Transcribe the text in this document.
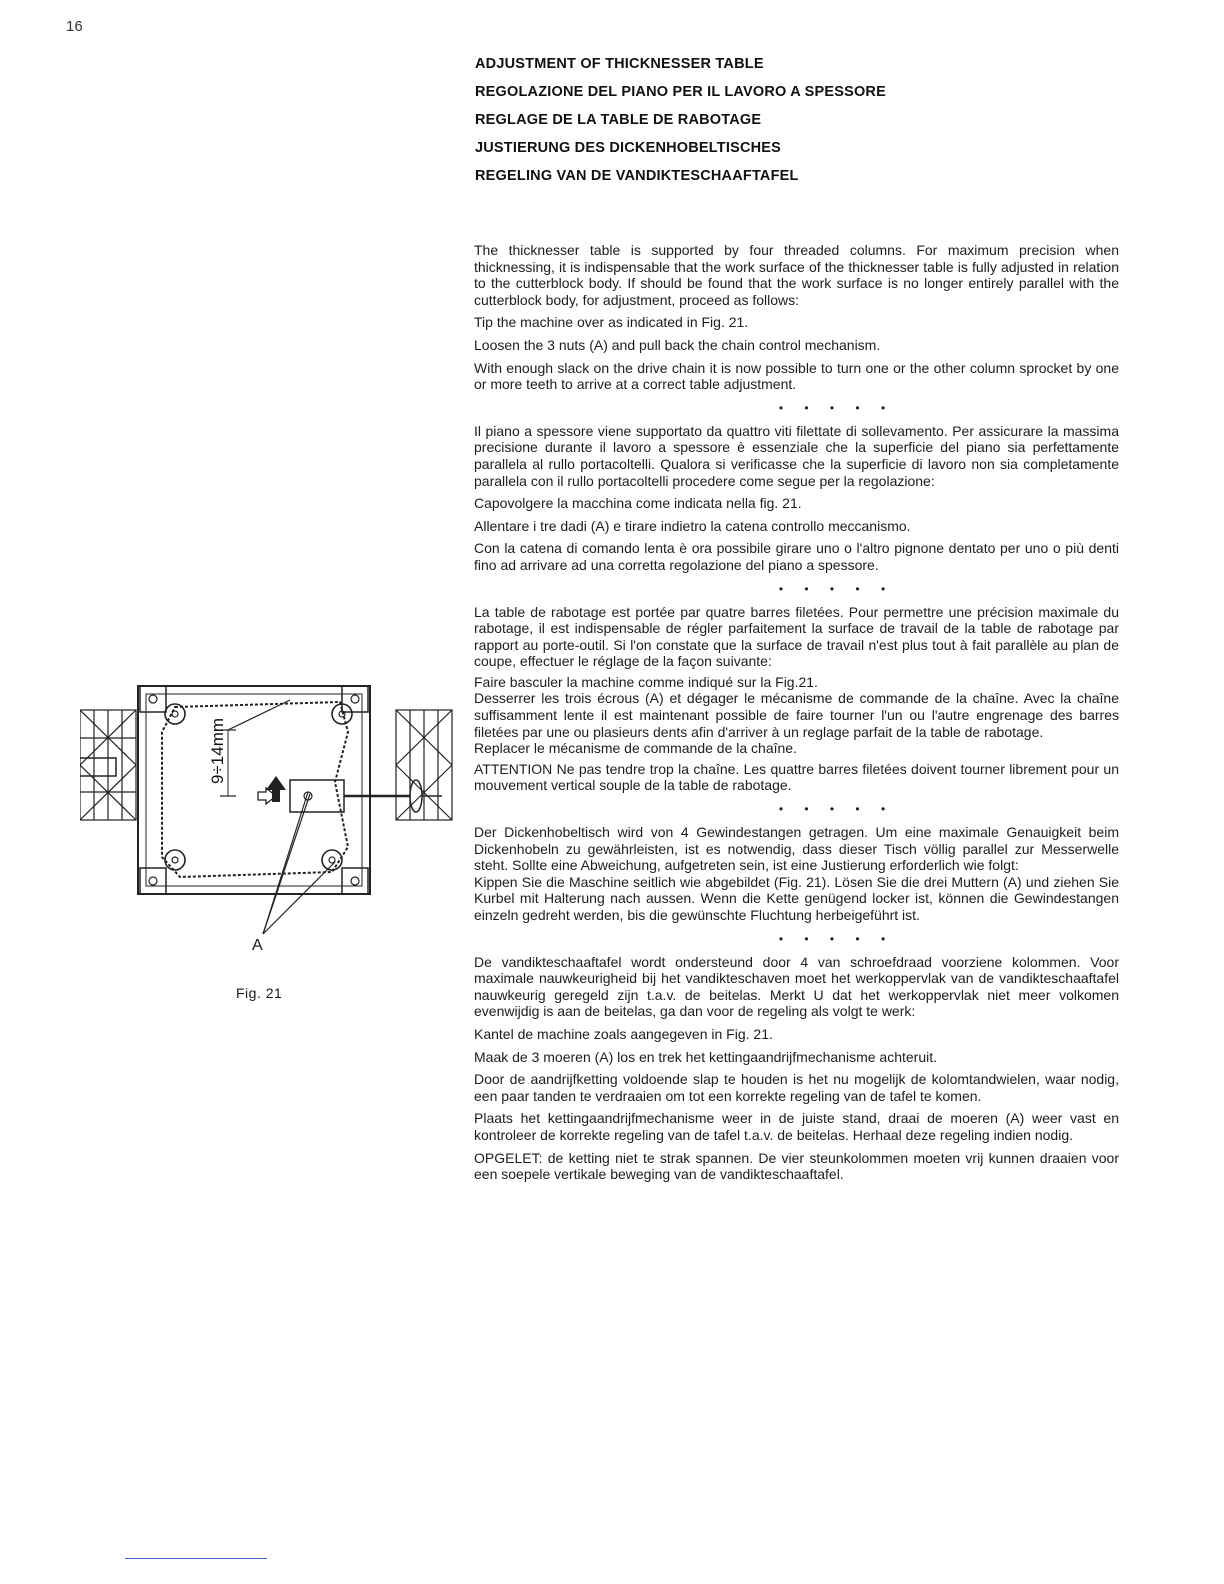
16
ADJUSTMENT OF THICKNESSER TABLE
REGOLAZIONE DEL PIANO PER IL LAVORO A SPESSORE
REGLAGE DE LA TABLE DE RABOTAGE
JUSTIERUNG DES DICKENHOBELTISCHES
REGELING VAN DE VANDIKTESCHAAFTAFEL

The thicknesser table is supported by four threaded columns. For maximum precision when thicknessing, it is indispensable that the work surface of the thicknesser table is fully adjusted in relation to the cutterblock body. If should be found that the work surface is no longer entirely parallel with the cutterblock body, for adjustment, proceed as follows:

Tip the machine over as indicated in Fig. 21.

Loosen the 3 nuts (A) and pull back the chain control mechanism.

With enough slack on the drive chain it is now possible to turn one or the other column sprocket by one or more teeth to arrive at a correct table adjustment.

• • • • •

Il piano a spessore viene supportato da quattro viti filettate di sollevamento. Per assicurare la massima precisione durante il lavoro a spessore è essenziale che la superficie del piano sia perfettamente parallela al rullo portacoltelli. Qualora si verificasse che la superficie di lavoro non sia completamente parallela con il rullo portacoltelli procedere come segue per la regolazione:

Capovolgere la macchina come indicata nella fig. 21.

Allentare i tre dadi (A) e tirare indietro la catena controllo meccanismo.

Con la catena di comando lenta è ora possibile girare uno o l'altro pignone dentato per uno o più denti fino ad arrivare ad una corretta regolazione del piano a spessore.

• • • • •

La table de rabotage est portée par quatre barres filetées. Pour permettre une précision maximale du rabotage, il est indispensable de régler parfaitement la surface de travail de la table de rabotage par rapport au porte-outil. Si l'on constate que la surface de travail n'est plus tout à fait parallèle au plan de coupe, effectuer le réglage de la façon suivante:

Faire basculer la machine comme indiqué sur la Fig.21.

Desserrer les trois écrous (A) et dégager le mécanisme de commande de la chaîne. Avec la chaîne suffisamment lente il est maintenant possible de faire tourner l'un ou l'autre engrenage des barres filetées par une ou plasieurs dents afin d'arriver à un reglage parfait de la table de rabotage.

Replacer le mécanisme de commande de la chaîne.

ATTENTION Ne pas tendre trop la chaîne. Les quattre barres filetées doivent tourner librement pour un mouvement vertical souple de la table de rabotage.

• • • • •

Der Dickenhobeltisch wird von 4 Gewindestangen getragen. Um eine maximale Genauigkeit beim Dickenhobeln zu gewährleisten, ist es notwendig, dass dieser Tisch völlig parallel zur Messerwelle steht. Sollte eine Abweichung, aufgetreten sein, ist eine Justierung erforderlich wie folgt:

Kippen Sie die Maschine seitlich wie abgebildet (Fig. 21). Lösen Sie die drei Muttern (A) und ziehen Sie Kurbel mit Halterung nach aussen. Wenn die Kette genügend locker ist, können die Gewindestangen einzeln gedreht werden, bis die gewünschte Fluchtung herbeigeführt ist.

• • • • •

De vandikteschaaftafel wordt ondersteund door 4 van schroefdraad voorziene kolommen. Voor maximale nauwkeurigheid bij het vandikteschaven moet het werkoppervlak van de vandikteschaaftafel nauwkeurig geregeld zijn t.a.v. de beitelas. Merkt U dat het werkoppervlak niet meer volkomen evenwijdig is aan de beitelas, ga dan voor de regeling als volgt te werk:

Kantel de machine zoals aangegeven in Fig. 21.

Maak de 3 moeren (A) los en trek het kettingaandrijfmechanisme achteruit.

Door de aandrijfketting voldoende slap te houden is het nu mogelijk de kolomtandwielen, waar nodig, een paar tanden te verdraaien om tot een korrekte regeling van de tafel te komen.

Plaats het kettingaandrijfmechanisme weer in de juiste stand, draai de moeren (A) weer vast en kontroleer de korrekte regeling van de tafel t.a.v. de beitelas. Herhaal deze regeling indien nodig.

OPGELET: de ketting niet te strak spannen. De vier steunkolommen moeten vrij kunnen draaien voor een soepele vertikale beweging van de vandikteschaaftafel.

9÷14mm
A
Fig. 21
